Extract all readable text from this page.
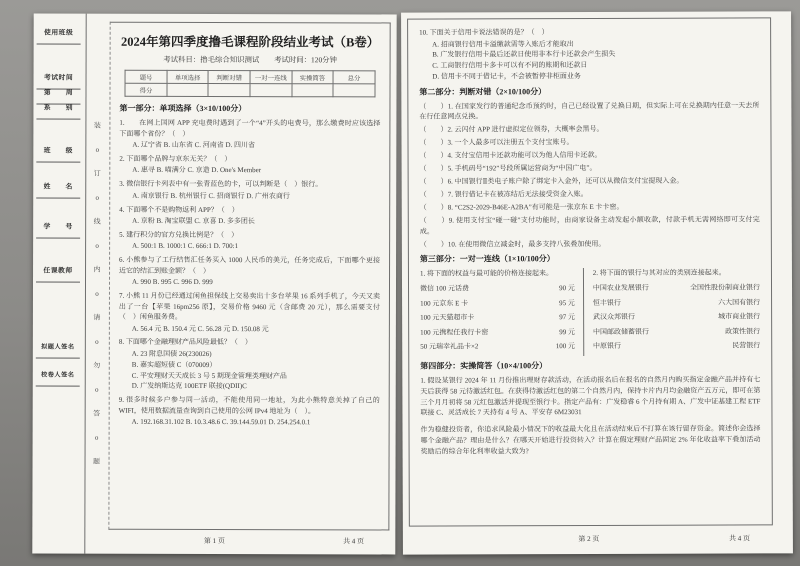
使用班级
考试时间
第　　周
系　　别
班　　级
姓　　名
学　　号
任课教师
拟题人签名
校卷人签名
装
o
订
o
线
o
内
o
请
o
勿
o
答
o
题
2024年第四季度撸毛课程阶段结业考试（B卷）
考试科目：撸毛综合知识测试　　考试时间：120分钟
题号	单项选择	判断对错	一对一连线	实操简答	总分
得分					
第一部分：单项选择（3×10/100分）
1.　　在网上国网 APP 充电费时遇到了一个“4”开头的电费号，那么缴费时应该选择下面哪个省份？（　）
A. 辽宁省 B. 山东省 C. 河南省 D. 四川省
2. 下面哪个品牌与京东无关？（　）
A. 惠寻 B. 喵满分 C. 京造 D. One's Member
3. 微信银行卡列表中有一张青蓝色的卡，可以判断是（　）银行。
A. 南京银行 B. 杭州银行 C. 招商银行 D. 广州农商行
4. 下面哪个不是购物返利 APP？（　）
A. 京粉 B. 淘宝联盟 C. 京喜 D. 多多团长
5. 建行积分的官方兑换比例是？（　）
A. 500:1 B. 1000:1 C. 666:1 D. 700:1
6. 小熊参与了工行结售汇任务买入 1000 人民币的美元，任务完成后，下面哪个更接近它的结汇到账金额？（　）
A. 990 B. 995 C. 996 D. 999
7. 小熊 11 月份已经通过闲鱼担保线上交易卖出十多台苹果 16 系列手机了，今天又卖出了一台【苹果 16pm256 原】，交易价格 9460 元（含邮费 20 元），那么需要支付（　）闲鱼服务费。
A. 56.4 元 B. 150.4 元 C. 56.28 元 D. 150.08 元
8. 下面哪个金融理财产品风险最低？（　）
A. 23 附息国债 26(230026)
B. 嘉实超短债 C（070009）
C. 平安理财天天成长 3 号 5 期现金管理类理财产品
D. 广发纳斯达克 100ETF 联接(QDII)C
9. 很多时候多户参与同一活动，不能使用同一地址，为此小熊特意关掉了自己的 WIFI，使用数据流量查询到自己使用的公网 IPv4 地址为（　）。
A. 192.168.31.102 B. 10.3.48.6 C. 39.144.59.01 D. 254.254.0.1
第 1 页	共 4 页
10. 下面关于信用卡说法错误的是？（　）
A. 招商银行信用卡溢缴款需等入账后才能取出
B. 广发银行信用卡最后还款日使用非本行卡还款会产生损失
C. 工商银行信用卡多卡可以有不同的账期和还款日
D. 信用卡不同于借记卡，不会被暂停非柜面业务
第二部分：判断对错（2×10/100分）
（　　）1. 在国家发行的普通纪念币预约时，自己已经设置了兑换日期，但实际上可在兑换期内任意一天去所在行任意网点兑换。
（　　）2. 云闪付 APP 进行虚拟定位领券，大概率会黑号。
（　　）3. 一个人最多可以注册五个支付宝账号。
（　　）4. 支付宝信用卡还款功能可以为他人信用卡还款。
（　　）5. 手机码号“192”号段所属运营商为“中国广电”。
（　　）6. 中国银行Ⅱ类电子账户除了绑定卡入金外，还可以从微信支付宝提现入金。
（　　）7. 银行借记卡在被冻结后无法接受资金入账。
（　　）8. “C2S2-2029-B46E-A2BA”有可能是一张京东 E 卡卡密。
（　　）9. 使用支付宝“碰一碰”支付功能时，由商家设备主动发起小额收款，付款手机无需网络即可支付完成。
（　　）10. 在使用微信立减金时，最多支持八张叠加使用。
第三部分：一对一连线（1×10/100分）
1. 将下面的权益与最可能的价格连接起来。
微信 100 元话费	90 元
100 元京东 E 卡	95 元
100 元天猫超市卡	97 元
100 元携程任我行卡密	99 元
50 元瑞幸礼品卡×2	100 元
2. 将下面的银行与其对应的类别连接起来。
中国农业发展银行	全国性股份制商业银行
恒丰银行	六大国有银行
武汉众邦银行	城市商业银行
中国邮政储蓄银行	政策性银行
中原银行	民营银行
第四部分：实操简答（10×4/100分）
1. 假设某银行 2024 年 11 月份推出理财存款活动，在活动报名后在报名的自然月内购买指定金融产品并持有七天后获得 58 元待激活红包。在获得待激活红包的第二个自然月内，保持卡片内月均金融资产五万元，即可在第三个月月初将 58 元红包激活并提现至银行卡。指定产品有：广发稳睿 6 个月持有期 A、广发中证基建工程 ETF 联接 C、灵活成长 7 天持有 4 号 A、平安存 6M23031
作为稳健投资者，你追求风险最小情况下的收益最大化且在活动结束后不打算在该行留存资金。简述你会选择哪个金融产品？理由是什么？在哪天开始进行投资转入？计算在假定理财产品固定 2% 年化收益率下叠加活动奖励后的综合年化利率收益大致为?
第 2 页	共 4 页
